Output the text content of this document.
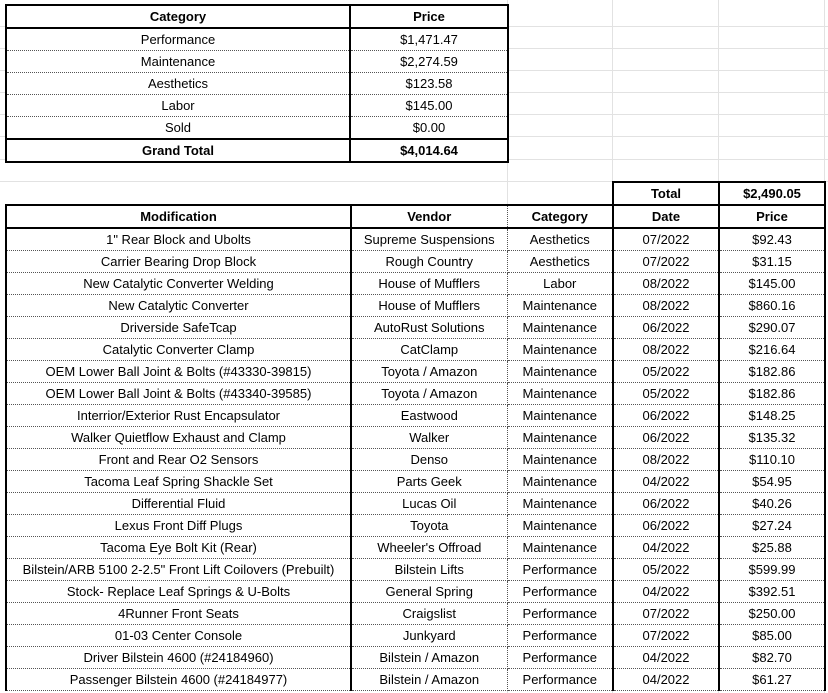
Category	Price
Performance	$1,471.47
Maintenance	$2,274.59
Aesthetics	$123.58
Labor	$145.00
Sold	$0.00
Grand Total	$4,014.64
Total	$2,490.05
Modification	Vendor	Category	Date	Price
1" Rear Block and Ubolts	Supreme Suspensions	Aesthetics	07/2022	$92.43
Carrier Bearing Drop Block	Rough Country	Aesthetics	07/2022	$31.15
New Catalytic Converter Welding	House of Mufflers	Labor	08/2022	$145.00
New Catalytic Converter	House of Mufflers	Maintenance	08/2022	$860.16
Driverside SafeTcap	AutoRust Solutions	Maintenance	06/2022	$290.07
Catalytic Converter Clamp	CatClamp	Maintenance	08/2022	$216.64
OEM Lower Ball Joint & Bolts (#43330-39815)	Toyota / Amazon	Maintenance	05/2022	$182.86
OEM Lower Ball Joint & Bolts (#43340-39585)	Toyota / Amazon	Maintenance	05/2022	$182.86
Interrior/Exterior Rust Encapsulator	Eastwood	Maintenance	06/2022	$148.25
Walker Quietflow Exhaust and Clamp	Walker	Maintenance	06/2022	$135.32
Front and Rear O2 Sensors	Denso	Maintenance	08/2022	$110.10
Tacoma Leaf Spring Shackle Set	Parts Geek	Maintenance	04/2022	$54.95
Differential Fluid	Lucas Oil	Maintenance	06/2022	$40.26
Lexus Front Diff Plugs	Toyota	Maintenance	06/2022	$27.24
Tacoma Eye Bolt Kit (Rear)	Wheeler's Offroad	Maintenance	04/2022	$25.88
Bilstein/ARB 5100 2-2.5" Front Lift Coilovers (Prebuilt)	Bilstein Lifts	Performance	05/2022	$599.99
Stock- Replace Leaf Springs & U-Bolts	General Spring	Performance	04/2022	$392.51
4Runner Front Seats	Craigslist	Performance	07/2022	$250.00
01-03 Center Console	Junkyard	Performance	07/2022	$85.00
Driver Bilstein 4600 (#24184960)	Bilstein / Amazon	Performance	04/2022	$82.70
Passenger Bilstein 4600 (#24184977)	Bilstein / Amazon	Performance	04/2022	$61.27
